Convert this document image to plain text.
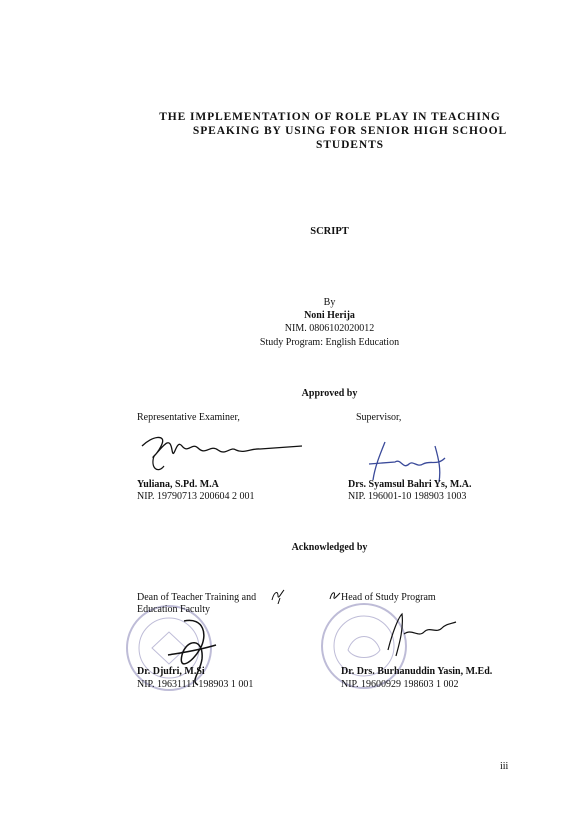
THE IMPLEMENTATION OF ROLE PLAY IN TEACHING
SPEAKING BY USING FOR SENIOR HIGH SCHOOL
STUDENTS
SCRIPT
By
Noni Herija
NIM. 0806102020012
Study Program: English Education
Approved by
Representative Examiner,
Yuliana, S.Pd. M.A
NIP. 19790713 200604 2 001
Supervisor,
Drs. Syamsul Bahri Ys, M.A.
NIP. 196001-10 198903 1003
Acknowledged by
Dean of Teacher Training and
Education Faculty
Dr. Djufri, M.Si
NIP. 19631111 198903 1 001
Head of Study Program
Dr. Drs. Burhanuddin Yasin, M.Ed.
NIP. 19600929 198603 1 002
iii
